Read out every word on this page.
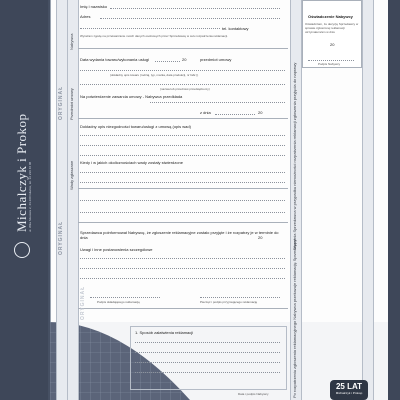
Michalczyk i Prokop ul. Wita Stwosza 2, 44-100 Gliwice, tel. 32 230 46 08
ORYGINAŁ
ORYGINAŁ
Nabywca
Przedmiot umowy
Wady zgłaszane	Wypełnia Sprzedawca w przypadku niemożności rozpatrzenia reklamacji zgłoszenia przyjęcia do naprawy
Po rozpatrzeniu zgłoszenia reklamacyjnego Nabywca przekazuje reklamację Sprzedawcy
Imię i nazwisko
Adres
tel. kontaktowy
Wyrażam zgodę na przetwarzanie moich danych osobowych przez Sprzedawcę w celu rozpatrzenia reklamacji.
Data wydania towaru/wykonania usługi	20	przedmiot umowy
(dokładny opis towaru (rodzaj, typ, marka, data produkcji, nr fabr.))
(nazwa lub przedmiot przedsiębiorcy)
Na potwierdzenie zawarcia umowy - Nabywca przedkłada
z dnia	20
Dokładny opis niezgodności towaru/usługi z umową (opis wad)
Kiedy i w jakich okolicznościach wady zostały stwierdzone
Sprzedawca poinformował Nabywcę, że zgłoszenie reklamacyjne zostało przyjęte i że rozpatrzy je w terminie do dnia	20
Uwagi i inne postanowienia szczegółowe
Podpis składającego reklamację	Pieczęć i podpis przyjmującego reklamację
1. Sposób załatwienia reklamacji
Data i podpis Nabywcy
Oświadczenie Nabywcy
Oświadczam, że decyzję Sprzedawcy w sprawie zgłoszonej reklamacji otrzymałem/am w dniu
20
Podpis Nabywcy
ORYGINAŁ
25 LAT
Michalczyk i Prokop
